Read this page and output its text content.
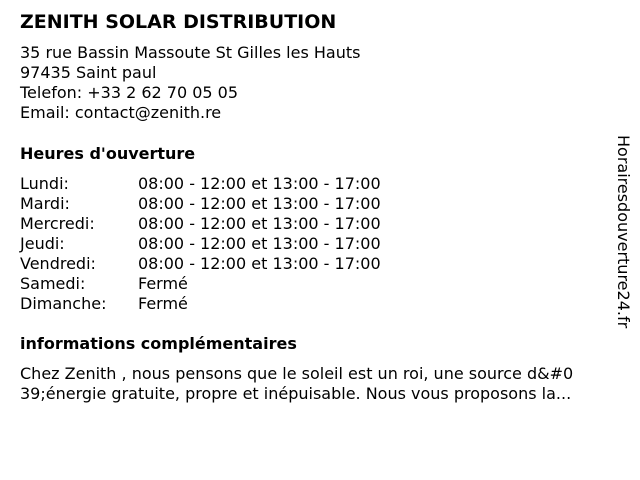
ZENITH SOLAR DISTRIBUTION
35 rue Bassin Massoute St Gilles les Hauts
97435 Saint paul
Telefon: +33 2 62 70 05 05
Email: contact@zenith.re
Heures d'ouverture
Lundi:	08:00 - 12:00 et 13:00 - 17:00
Mardi:	08:00 - 12:00 et 13:00 - 17:00
Mercredi:	08:00 - 12:00 et 13:00 - 17:00
Jeudi:	08:00 - 12:00 et 13:00 - 17:00
Vendredi:	08:00 - 12:00 et 13:00 - 17:00
Samedi:	Fermé
Dimanche: Fermé
informations complémentaires
Chez Zenith , nous pensons que le soleil est un roi, une source d&#0
39;énergie gratuite, propre et inépuisable. Nous vous proposons la...
Horairesdouverture24.fr
